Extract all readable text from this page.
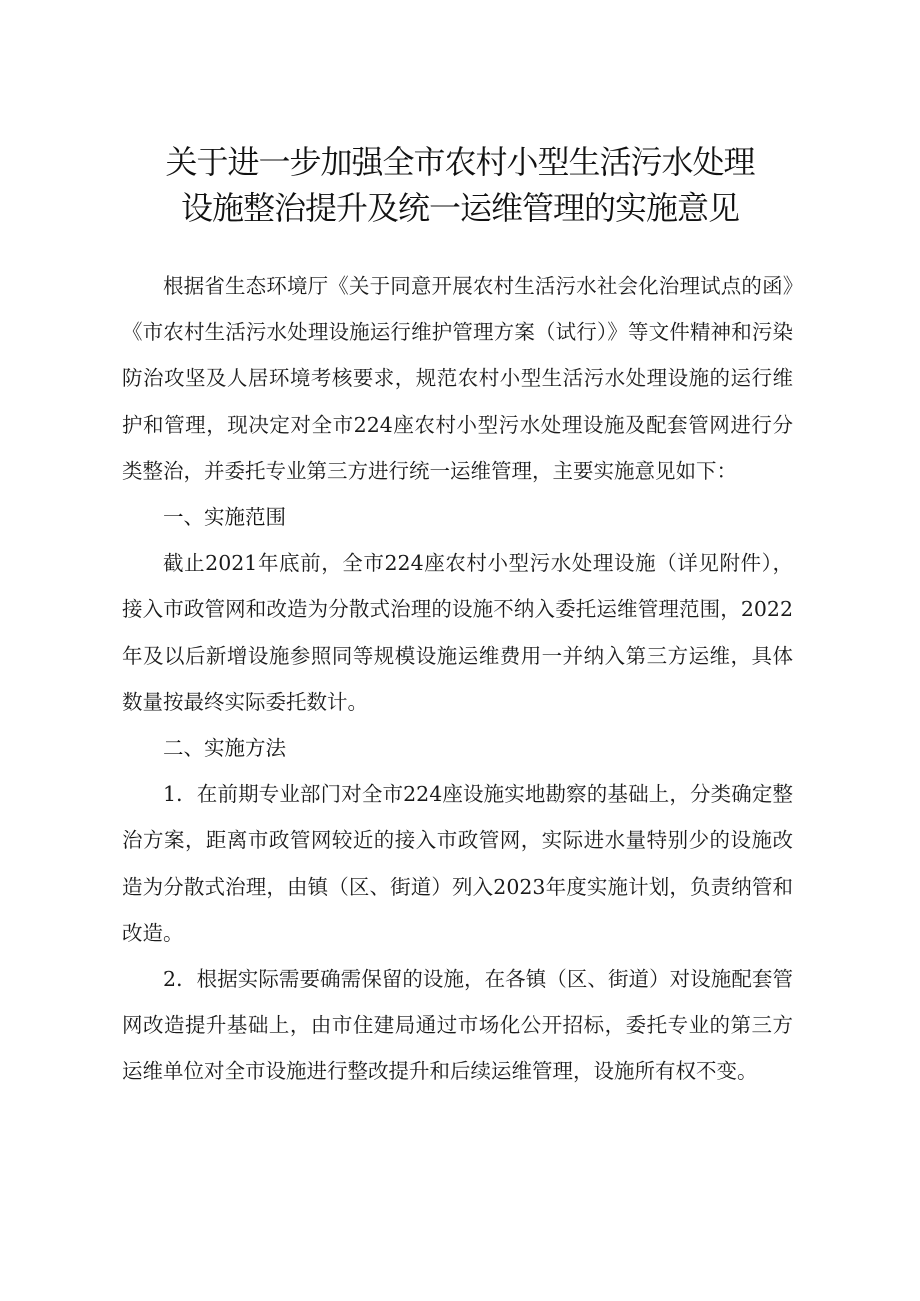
关于进一步加强全市农村小型生活污水处理
设施整治提升及统一运维管理的实施意见

根据省生态环境厅《关于同意开展农村生活污水社会化治理试点的函》《市农村生活污水处理设施运行维护管理方案（试行）》等文件精神和污染防治攻坚及人居环境考核要求，规范农村小型生活污水处理设施的运行维护和管理，现决定对全市224座农村小型污水处理设施及配套管网进行分类整治，并委托专业第三方进行统一运维管理，主要实施意见如下：

一、实施范围

截止2021年底前，全市224座农村小型污水处理设施（详见附件），接入市政管网和改造为分散式治理的设施不纳入委托运维管理范围，2022年及以后新增设施参照同等规模设施运维费用一并纳入第三方运维，具体数量按最终实际委托数计。

二、实施方法

1．在前期专业部门对全市224座设施实地勘察的基础上，分类确定整治方案，距离市政管网较近的接入市政管网，实际进水量特别少的设施改造为分散式治理，由镇（区、街道）列入2023年度实施计划，负责纳管和改造。

2．根据实际需要确需保留的设施，在各镇（区、街道）对设施配套管网改造提升基础上，由市住建局通过市场化公开招标，委托专业的第三方运维单位对全市设施进行整改提升和后续运维管理，设施所有权不变。
